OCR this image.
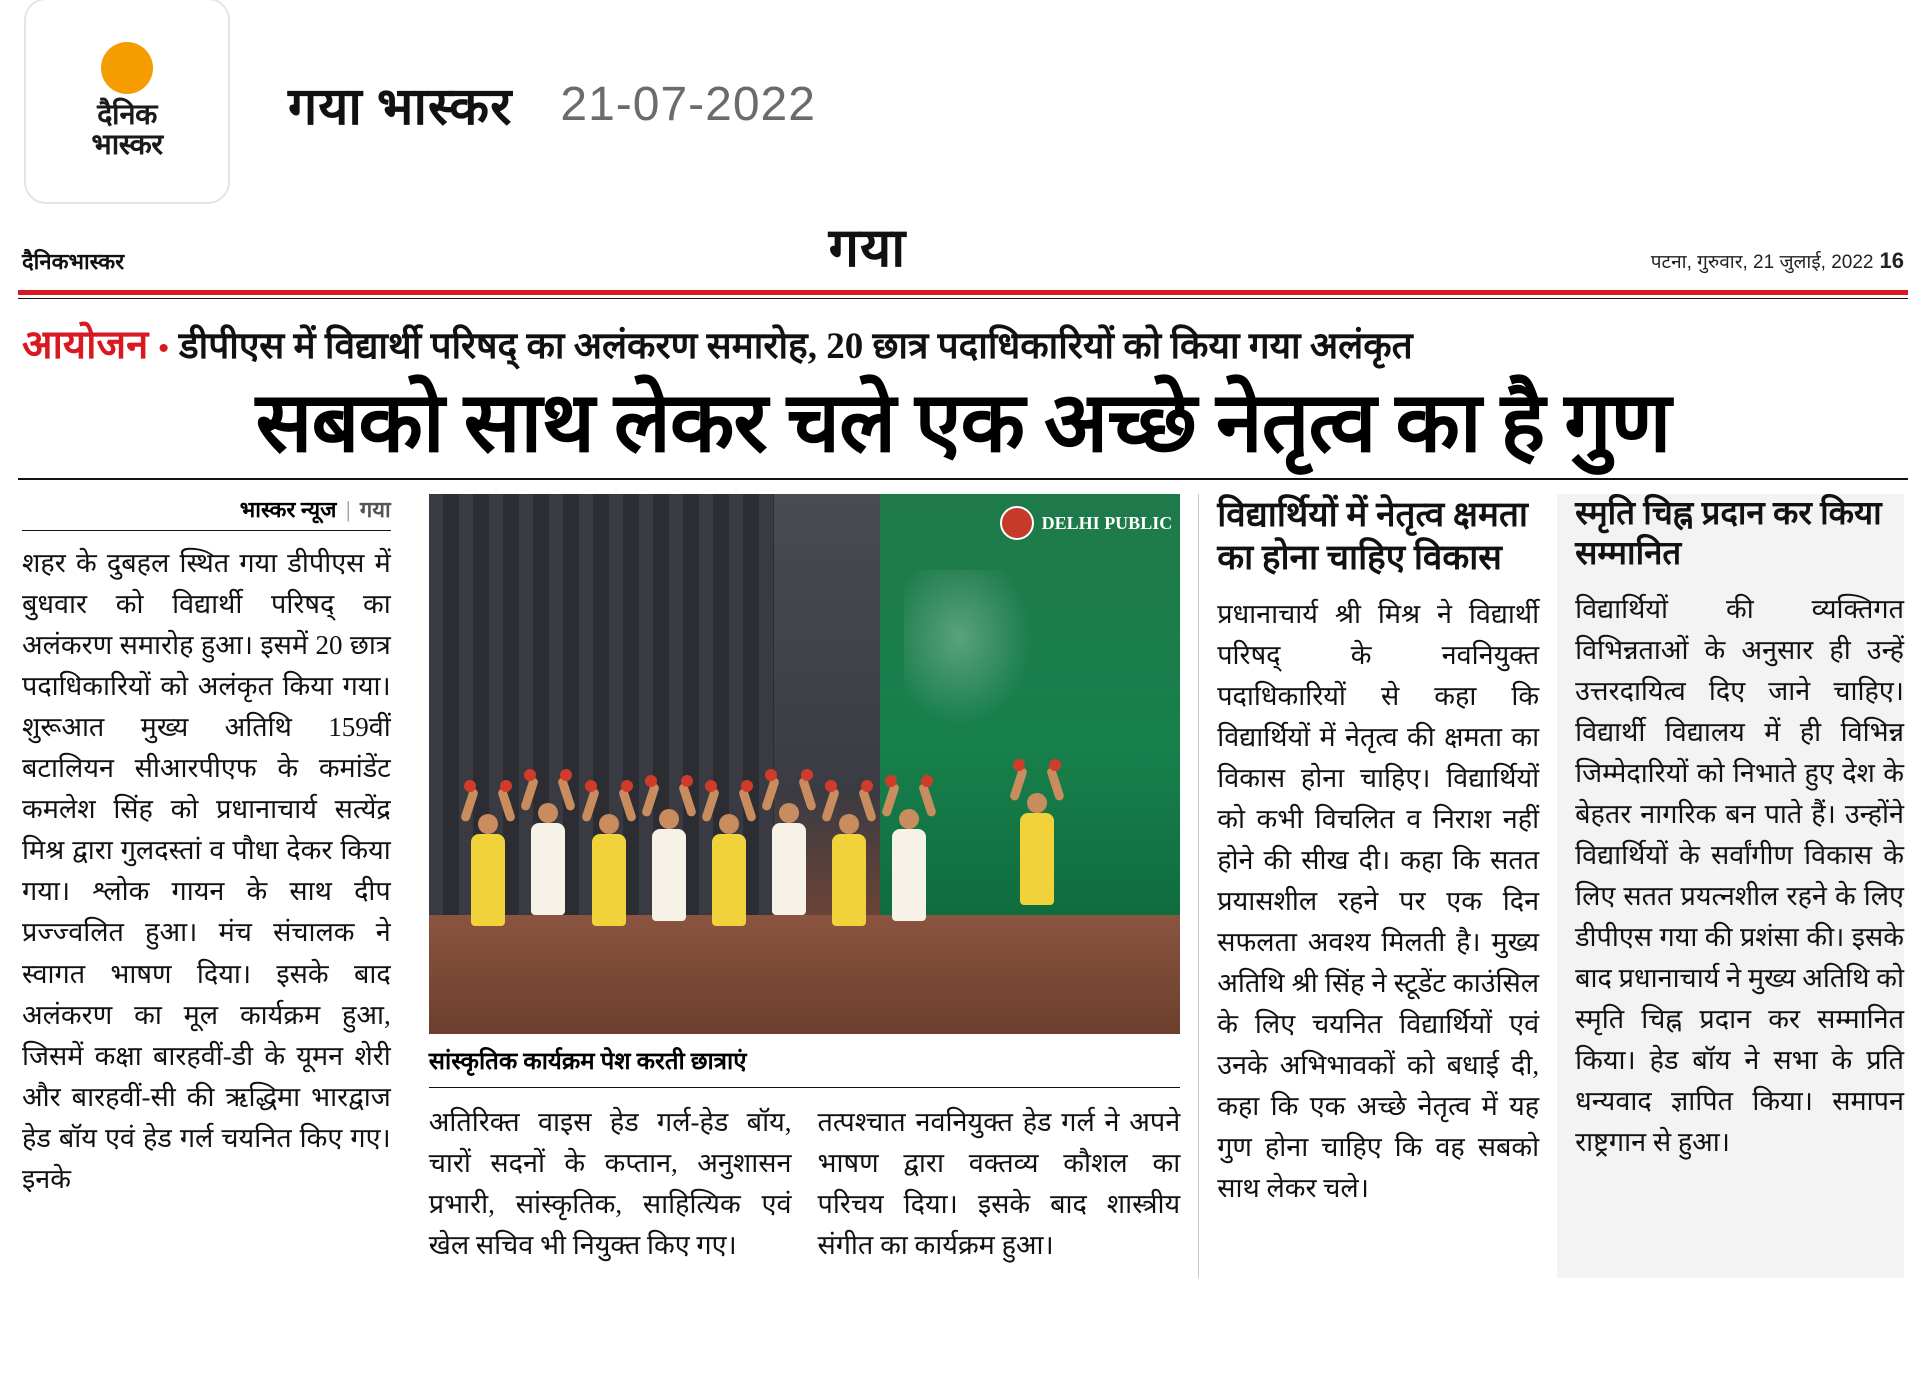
दैनिक
भास्कर
गया भास्कर 21-07-2022
दैनिकभास्कर	गया	पटना, गुरुवार, 21 जुलाई, 2022 16
आयोजन • डीपीएस में विद्यार्थी परिषद् का अलंकरण समारोह, 20 छात्र पदाधिकारियों को किया गया अलंकृत
सबको साथ लेकर चले एक अच्छे नेतृत्व का है गुण
भास्कर न्यूज | गया

शहर के दुबहल स्थित गया डीपीएस में बुधवार को विद्यार्थी परिषद् का अलंकरण समारोह हुआ। इसमें 20 छात्र पदाधिकारियों को अलंकृत किया गया। शुरूआत मुख्य अतिथि 159वीं बटालियन सीआरपीएफ के कमांडेंट कमलेश सिंह को प्रधानाचार्य सत्येंद्र मिश्र द्वारा गुलदस्तां व पौधा देकर किया गया। श्लोक गायन के साथ दीप प्रज्ज्वलित हुआ। मंच संचालक ने स्वागत भाषण दिया। इसके बाद अलंकरण का मूल कार्यक्रम हुआ, जिसमें कक्षा बारहवीं-डी के यूमन शेरी और बारहवीं-सी की ऋद्धिमा भारद्वाज हेड बॉय एवं हेड गर्ल चयनित किए गए। इनके

DELHI PUBLIC
सांस्कृतिक कार्यक्रम पेश करती छात्राएं

अतिरिक्त वाइस हेड गर्ल-हेड बॉय, चारों सदनों के कप्तान, अनुशासन प्रभारी, सांस्कृतिक, साहित्यिक एवं खेल सचिव भी नियुक्त किए गए।

तत्पश्चात नवनियुक्त हेड गर्ल ने अपने भाषण द्वारा वक्तव्य कौशल का परिचय दिया। इसके बाद शास्त्रीय संगीत का कार्यक्रम हुआ।

विद्यार्थियों में नेतृत्व क्षमता का होना चाहिए विकास

प्रधानाचार्य श्री मिश्र ने विद्यार्थी परिषद् के नवनियुक्त पदाधिकारियों से कहा कि विद्यार्थियों में नेतृत्व की क्षमता का विकास होना चाहिए। विद्यार्थियों को कभी विचलित व निराश नहीं होने की सीख दी। कहा कि सतत प्रयासशील रहने पर एक दिन सफलता अवश्य मिलती है। मुख्य अतिथि श्री सिंह ने स्टूडेंट काउंसिल के लिए चयनित विद्यार्थियों एवं उनके अभिभावकों को बधाई दी, कहा कि एक अच्छे नेतृत्व में यह गुण होना चाहिए कि वह सबको साथ लेकर चले।

स्मृति चिह्न प्रदान कर किया सम्मानित

विद्यार्थियों की व्यक्तिगत विभिन्नताओं के अनुसार ही उन्हें उत्तरदायित्व दिए जाने चाहिए। विद्यार्थी विद्यालय में ही विभिन्न जिम्मेदारियों को निभाते हुए देश के बेहतर नागरिक बन पाते हैं। उन्होंने विद्यार्थियों के सर्वांगीण विकास के लिए सतत प्रयत्नशील रहने के लिए डीपीएस गया की प्रशंसा की। इसके बाद प्रधानाचार्य ने मुख्य अतिथि को स्मृति चिह्न प्रदान कर सम्मानित किया। हेड बॉय ने सभा के प्रति धन्यवाद ज्ञापित किया। समापन राष्ट्रगान से हुआ।
